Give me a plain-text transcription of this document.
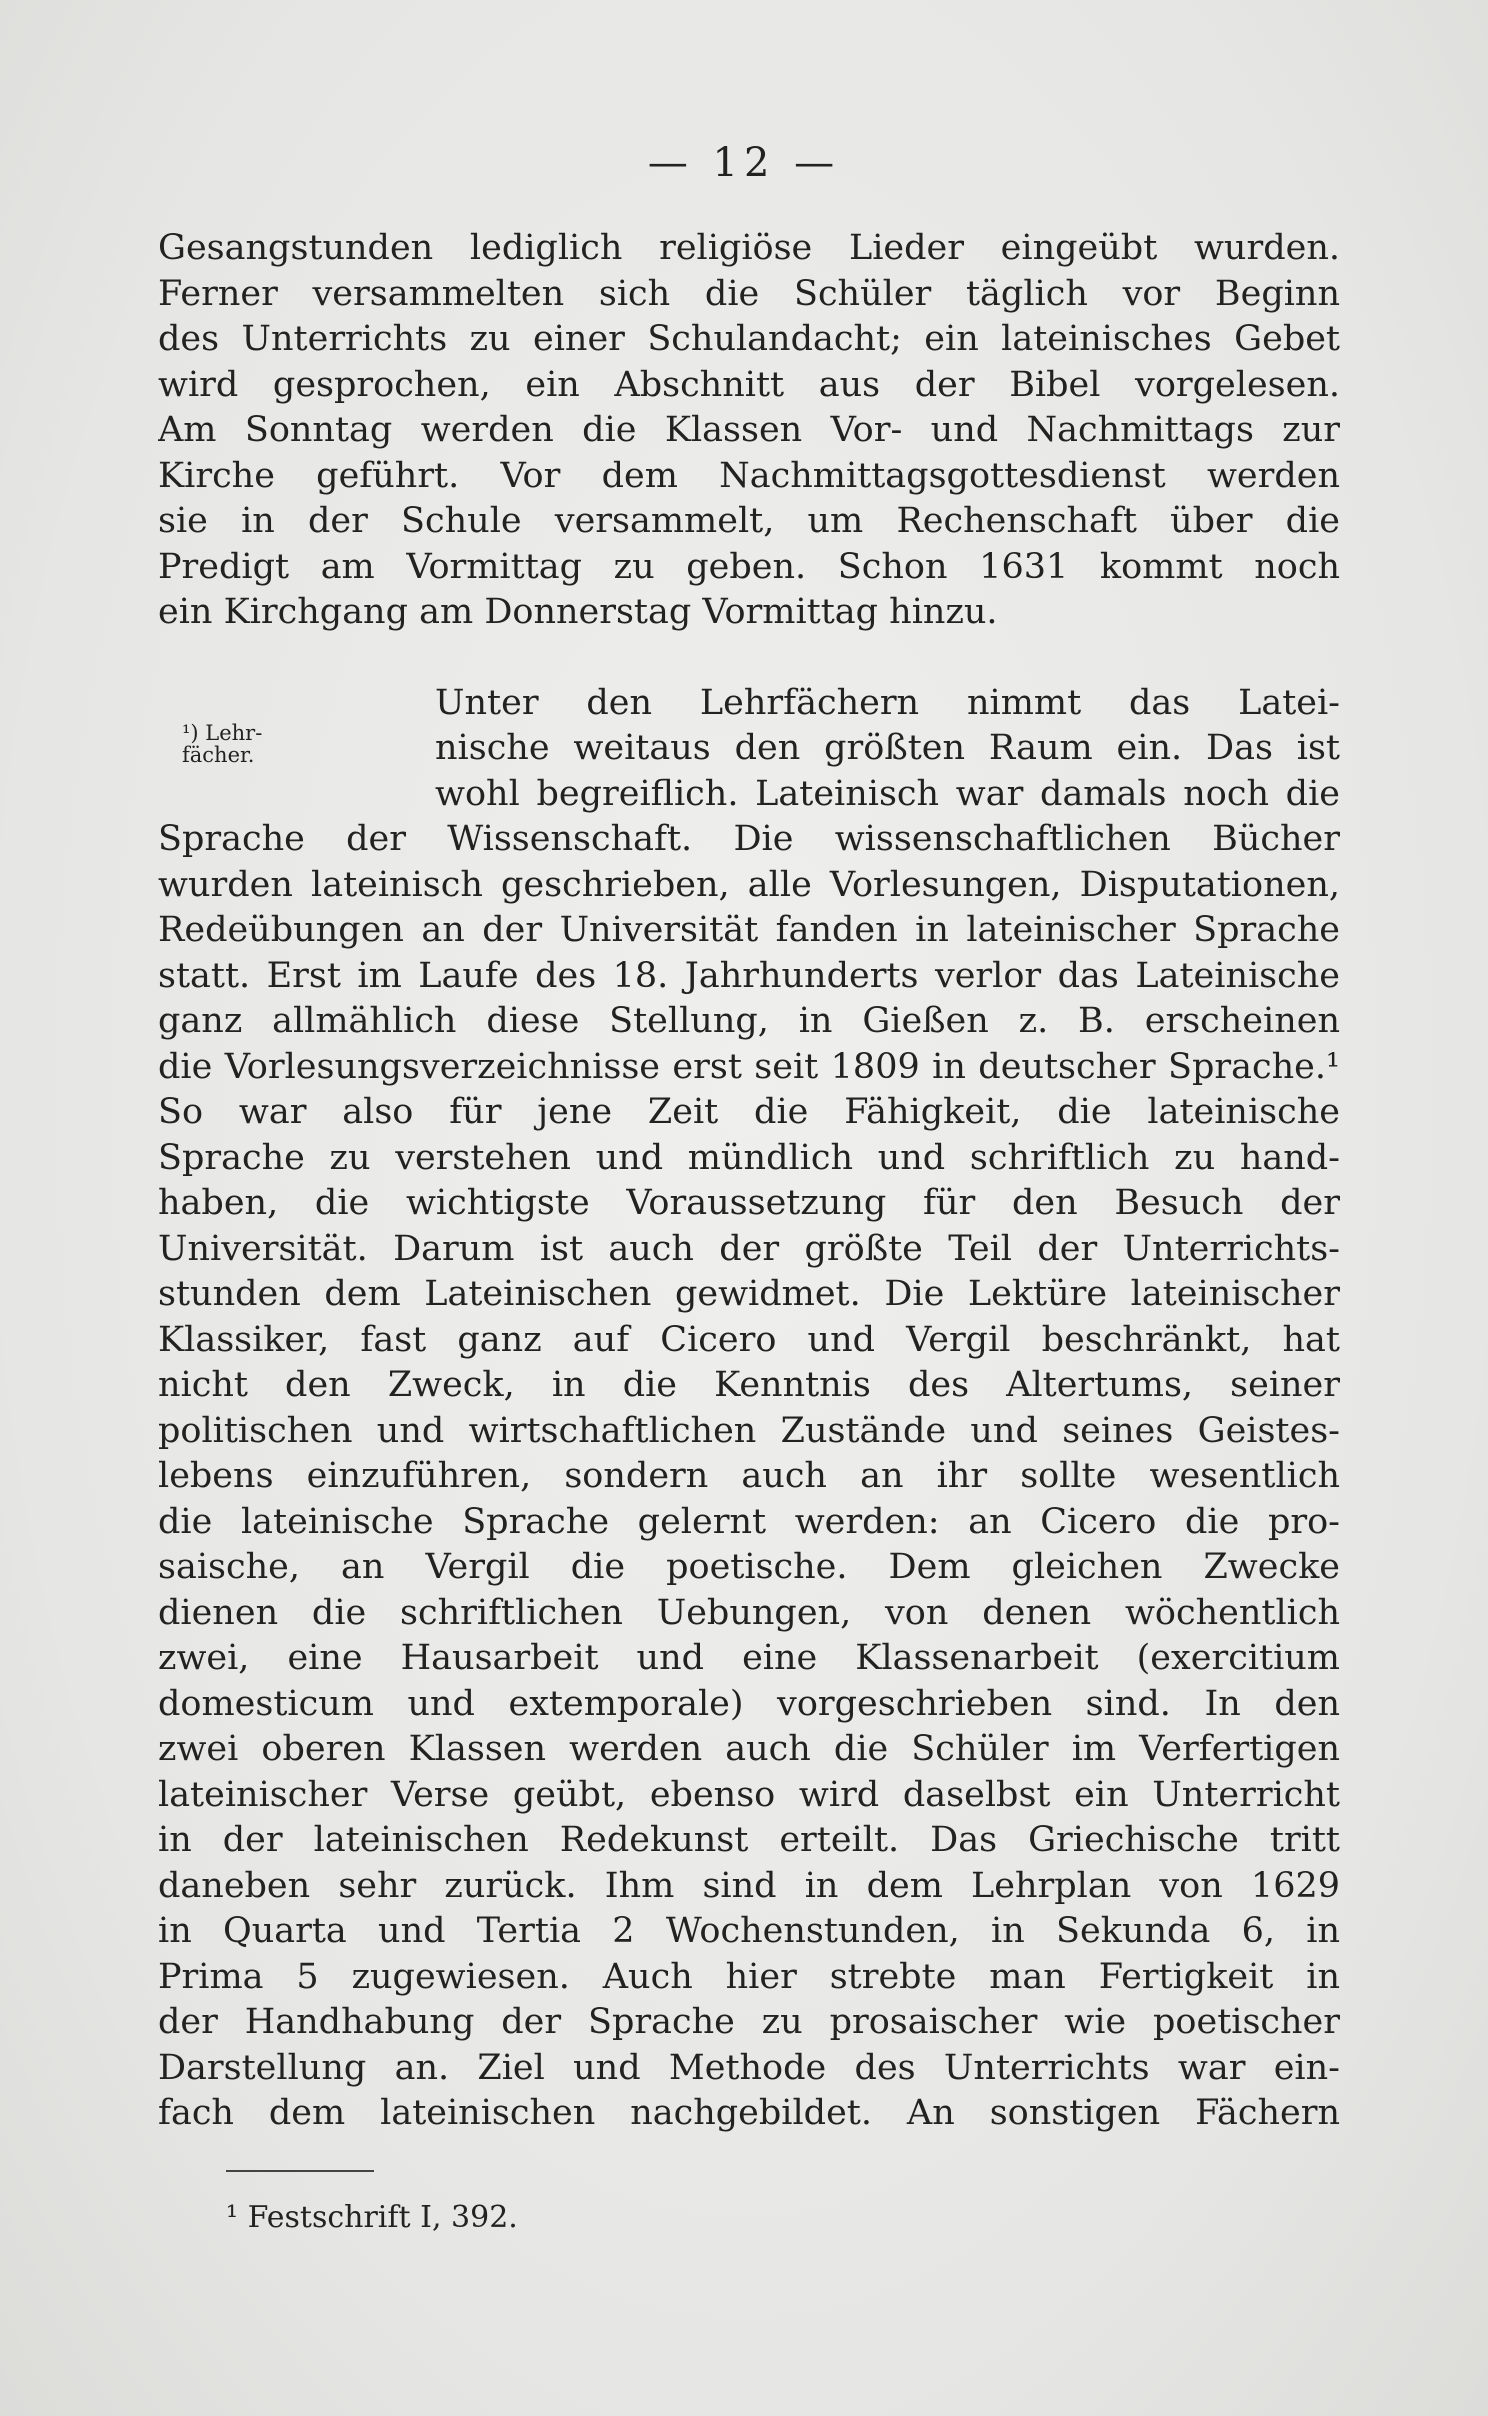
— 12 —
¹) Lehr-
fächer.
Gesangstunden lediglich religiöse Lieder eingeübt wurden.
Ferner versammelten sich die Schüler täglich vor Beginn
des Unterrichts zu einer Schulandacht; ein lateinisches Gebet
wird gesprochen, ein Abschnitt aus der Bibel vorgelesen.
Am Sonntag werden die Klassen Vor- und Nachmittags zur
Kirche geführt. Vor dem Nachmittagsgottesdienst werden
sie in der Schule versammelt, um Rechenschaft über die
Predigt am Vormittag zu geben. Schon 1631 kommt noch
ein Kirchgang am Donnerstag Vormittag hinzu.
Unter den Lehrfächern nimmt das Latei-
nische weitaus den größten Raum ein. Das ist
wohl begreiflich. Lateinisch war damals noch die
Sprache der Wissenschaft. Die wissenschaftlichen Bücher
wurden lateinisch geschrieben, alle Vorlesungen, Disputationen,
Redeübungen an der Universität fanden in lateinischer Sprache
statt. Erst im Laufe des 18. Jahrhunderts verlor das Lateinische
ganz allmählich diese Stellung, in Gießen z. B. erscheinen
die Vorlesungsverzeichnisse erst seit 1809 in deutscher Sprache.¹
So war also für jene Zeit die Fähigkeit, die lateinische
Sprache zu verstehen und mündlich und schriftlich zu hand-
haben, die wichtigste Voraussetzung für den Besuch der
Universität. Darum ist auch der größte Teil der Unterrichts-
stunden dem Lateinischen gewidmet. Die Lektüre lateinischer
Klassiker, fast ganz auf Cicero und Vergil beschränkt, hat
nicht den Zweck, in die Kenntnis des Altertums, seiner
politischen und wirtschaftlichen Zustände und seines Geistes-
lebens einzuführen, sondern auch an ihr sollte wesentlich
die lateinische Sprache gelernt werden: an Cicero die pro-
saische, an Vergil die poetische. Dem gleichen Zwecke
dienen die schriftlichen Uebungen, von denen wöchentlich
zwei, eine Hausarbeit und eine Klassenarbeit (exercitium
domesticum und extemporale) vorgeschrieben sind. In den
zwei oberen Klassen werden auch die Schüler im Verfertigen
lateinischer Verse geübt, ebenso wird daselbst ein Unterricht
in der lateinischen Redekunst erteilt. Das Griechische tritt
daneben sehr zurück. Ihm sind in dem Lehrplan von 1629
in Quarta und Tertia 2 Wochenstunden, in Sekunda 6, in
Prima 5 zugewiesen. Auch hier strebte man Fertigkeit in
der Handhabung der Sprache zu prosaischer wie poetischer
Darstellung an. Ziel und Methode des Unterrichts war ein-
fach dem lateinischen nachgebildet. An sonstigen Fächern
¹ Festschrift I, 392.
